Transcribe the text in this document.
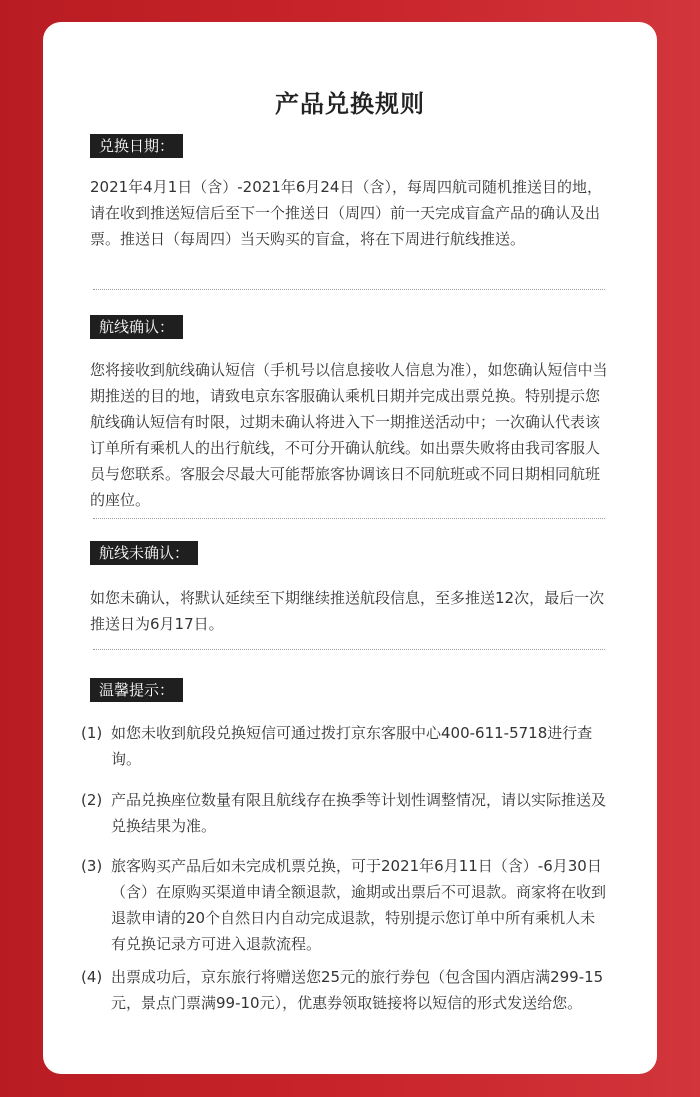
产品兑换规则
兑换日期：
2021年4月1日（含）-2021年6月24日（含），每周四航司随机推送目的地，请在收到推送短信后至下一个推送日（周四）前一天完成盲盒产品的确认及出票。推送日（每周四）当天购买的盲盒，将在下周进行航线推送。
航线确认：
您将接收到航线确认短信（手机号以信息接收人信息为准），如您确认短信中当期推送的目的地，请致电京东客服确认乘机日期并完成出票兑换。特别提示您航线确认短信有时限，过期未确认将进入下一期推送活动中；一次确认代表该订单所有乘机人的出行航线，不可分开确认航线。如出票失败将由我司客服人员与您联系。客服会尽最大可能帮旅客协调该日不同航班或不同日期相同航班的座位。
航线未确认：
如您未确认，将默认延续至下期继续推送航段信息，至多推送12次，最后一次推送日为6月17日。
温馨提示：
(1) 如您未收到航段兑换短信可通过拨打京东客服中心400-611-5718进行查询。
(2) 产品兑换座位数量有限且航线存在换季等计划性调整情况，请以实际推送及兑换结果为准。
(3) 旅客购买产品后如未完成机票兑换，可于2021年6月11日（含）-6月30日（含）在原购买渠道申请全额退款，逾期或出票后不可退款。商家将在收到退款申请的20个自然日内自动完成退款，特别提示您订单中所有乘机人未有兑换记录方可进入退款流程。
(4) 出票成功后，京东旅行将赠送您25元的旅行券包（包含国内酒店满299-15元，景点门票满99-10元），优惠券领取链接将以短信的形式发送给您。
